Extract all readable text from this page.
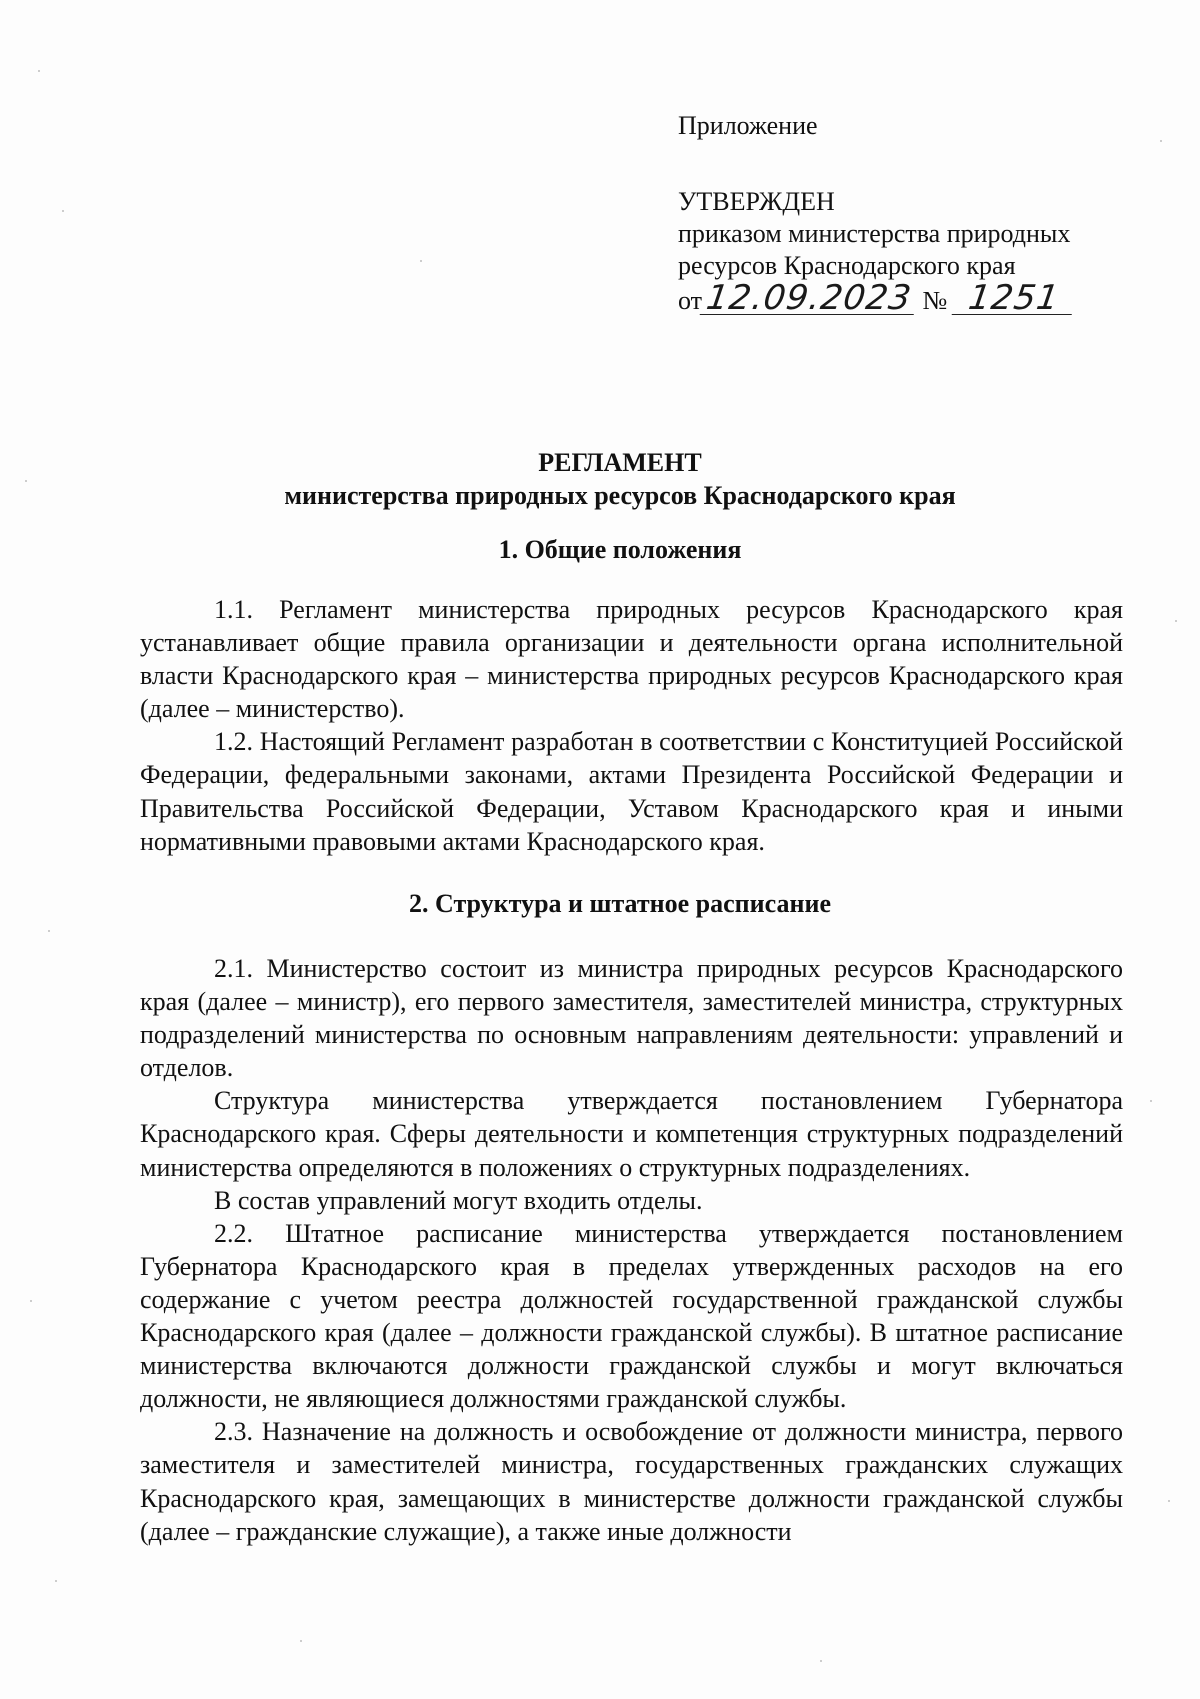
Приложение
УТВЕРЖДЕН
приказом министерства природных
ресурсов Краснодарского края
от12.09.2023 № 1251
РЕГЛАМЕНТ
министерства природных ресурсов Краснодарского края
1. Общие положения

1.1. Регламент министерства природных ресурсов Краснодарского края устанавливает общие правила организации и деятельности органа исполнительной власти Краснодарского края – министерства природных ресурсов Краснодарского края (далее – министерство).

1.2. Настоящий Регламент разработан в соответствии с Конституцией Российской Федерации, федеральными законами, актами Президента Российской Федерации и Правительства Российской Федерации, Уставом Краснодарского края и иными нормативными правовыми актами Краснодарского края.

2. Структура и штатное расписание

2.1. Министерство состоит из министра природных ресурсов Краснодарского края (далее – министр), его первого заместителя, заместителей министра, структурных подразделений министерства по основным направлениям деятельности: управлений и отделов.

Структура министерства утверждается постановлением Губернатора Краснодарского края. Сферы деятельности и компетенция структурных подразделений министерства определяются в положениях о структурных подразделениях.

В состав управлений могут входить отделы.

2.2. Штатное расписание министерства утверждается постановлением Губернатора Краснодарского края в пределах утвержденных расходов на его содержание с учетом реестра должностей государственной гражданской службы Краснодарского края (далее – должности гражданской службы). В штатное расписание министерства включаются должности гражданской службы и могут включаться должности, не являющиеся должностями гражданской службы.

2.3. Назначение на должность и освобождение от должности министра, первого заместителя и заместителей министра, государственных гражданских служащих Краснодарского края, замещающих в министерстве должности гражданской службы (далее – гражданские служащие), а также иные должности
